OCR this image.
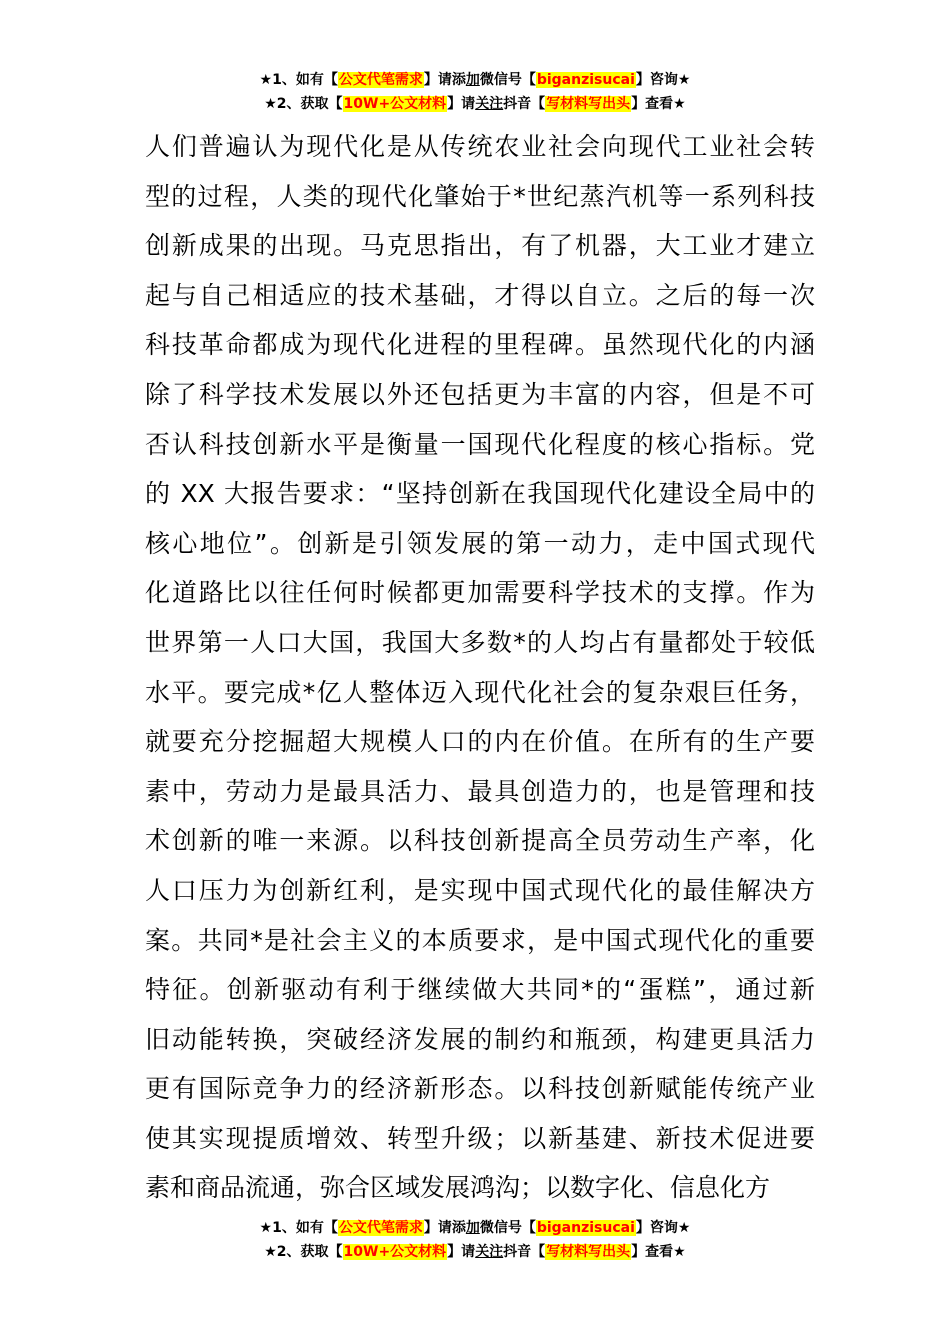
★1、如有【公文代笔需求】请添加微信号【biganzisucai】咨询★
★2、获取【10W+公文材料】请关注抖音【写材料写出头】查看★
人们普遍认为现代化是从传统农业社会向现代工业社会转
型的过程，人类的现代化肇始于*世纪蒸汽机等一系列科技
创新成果的出现。马克思指出，有了机器，大工业才建立
起与自己相适应的技术基础，才得以自立。之后的每一次
科技革命都成为现代化进程的里程碑。虽然现代化的内涵
除了科学技术发展以外还包括更为丰富的内容，但是不可
否认科技创新水平是衡量一国现代化程度的核心指标。党
的 XX 大报告要求：“坚持创新在我国现代化建设全局中的
核心地位”。创新是引领发展的第一动力，走中国式现代
化道路比以往任何时候都更加需要科学技术的支撑。作为
世界第一人口大国，我国大多数*的人均占有量都处于较低
水平。要完成*亿人整体迈入现代化社会的复杂艰巨任务，
就要充分挖掘超大规模人口的内在价值。在所有的生产要
素中，劳动力是最具活力、最具创造力的，也是管理和技
术创新的唯一来源。以科技创新提高全员劳动生产率，化
人口压力为创新红利，是实现中国式现代化的最佳解决方
案。共同*是社会主义的本质要求，是中国式现代化的重要
特征。创新驱动有利于继续做大共同*的“蛋糕”，通过新
旧动能转换，突破经济发展的制约和瓶颈，构建更具活力
更有国际竞争力的经济新形态。以科技创新赋能传统产业
使其实现提质增效、转型升级；以新基建、新技术促进要
素和商品流通，弥合区域发展鸿沟；以数字化、信息化方
★1、如有【公文代笔需求】请添加微信号【biganzisucai】咨询★
★2、获取【10W+公文材料】请关注抖音【写材料写出头】查看★
